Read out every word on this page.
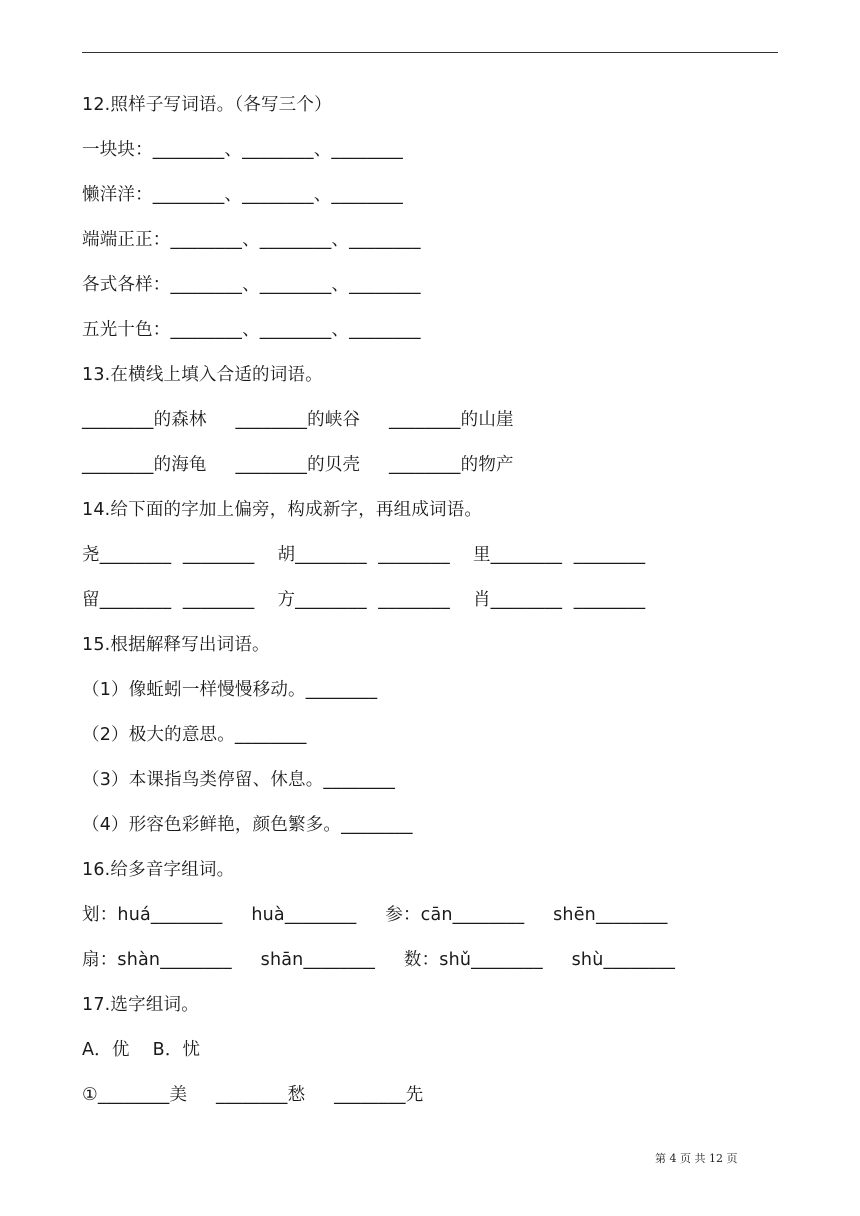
12.照样子写词语。（各写三个）
一块块：________、________、________
懒洋洋：________、________、________
端端正正：________、________、________
各式各样：________、________、________
五光十色：________、________、________
13.在横线上填入合适的词语。
________的森林     ________的峡谷     ________的山崖
________的海龟     ________的贝壳     ________的物产
14.给下面的字加上偏旁，构成新字，再组成词语。
尧________  ________    胡________  ________    里________  ________
留________  ________    方________  ________    肖________  ________
15.根据解释写出词语。
（1）像蚯蚓一样慢慢移动。________
（2）极大的意思。________
（3）本课指鸟类停留、休息。________
（4）形容色彩鲜艳，颜色繁多。________
16.给多音字组词。
划：huá________     huà________     参：cān________     shēn________
扇：shàn________     shān________     数：shǔ________     shù________
17.选字组词。
A．优    B．忧
①________美     ________愁     ________先
第 4 页 共 12 页
